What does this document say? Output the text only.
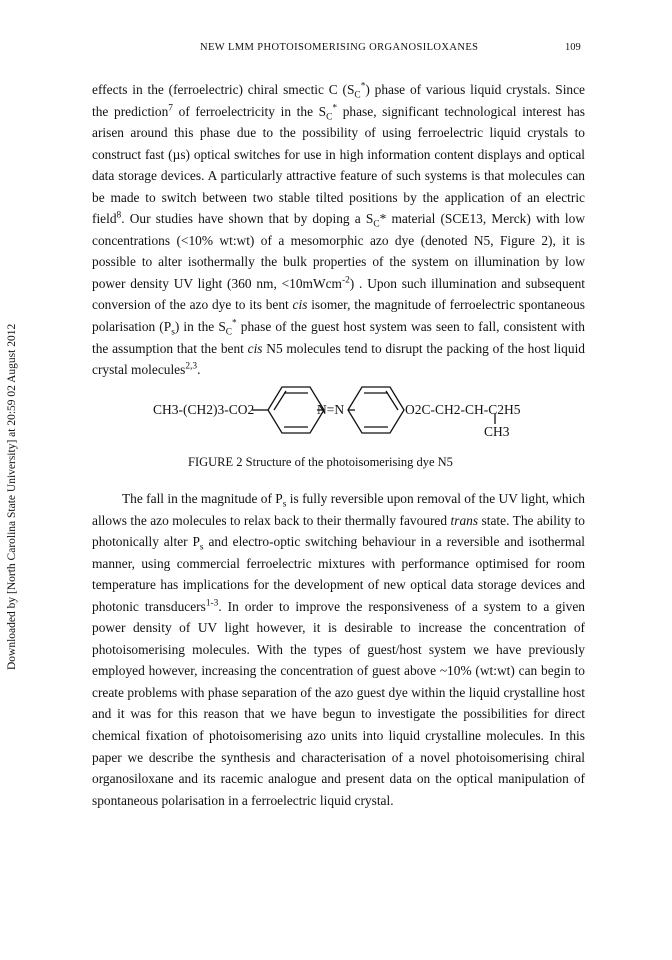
NEW LMM PHOTOISOMERISING ORGANOSILOXANES	109
Downloaded by [North Carolina State University] at 20:59 02 August 2012

effects in the (ferroelectric) chiral smectic C $(S_C^*)$ phase of various liquid crystals. Since the prediction$^7$ of ferroelectricity in the $S_C^*$ phase, significant technological interest has arisen around this phase due to the possibility of using ferroelectric liquid crystals to construct fast (µs) optical switches for use in high information content displays and optical data storage devices. A particularly attractive feature of such systems is that molecules can be made to switch between two stable tilted positions by the application of an electric field$^8$. Our studies have shown that by doping a $S_C*$ material (SCE13, Merck) with low concentrations (<10% wt:wt) of a mesomorphic azo dye (denoted N5, Figure 2), it is possible to alter isothermally the bulk properties of the system on illumination by low power density UV light (360 nm, <10mWcm$^{-2}$) . Upon such illumination and subsequent conversion of the azo dye to its bent cis isomer, the magnitude of ferroelectric spontaneous polarisation $(P_s)$ in the $S_C^*$ phase of the guest host system was seen to fall, consistent with the assumption that the bent cis N5 molecules tend to disrupt the packing of the host liquid crystal molecules$^{2,3}$.

CH3-(CH2)3-CO2	N=N	O2C-CH2-CH-C2H5
CH3
FIGURE 2 Structure of the photoisomerising dye N5

The fall in the magnitude of $P_s$ is fully reversible upon removal of the UV light, which allows the azo molecules to relax back to their thermally favoured trans state. The ability to photonically alter $P_s$ and electro-optic switching behaviour in a reversible and isothermal manner, using commercial ferroelectric mixtures with performance optimised for room temperature has implications for the development of new optical data storage devices and photonic transducers$^{1-3}$. In order to improve the responsiveness of a system to a given power density of UV light however, it is desirable to increase the concentration of photoisomerising molecules. With the types of guest/host system we have previously employed however, increasing the concentration of guest above ~10% (wt:wt) can begin to create problems with phase separation of the azo guest dye within the liquid crystalline host and it was for this reason that we have begun to investigate the possibilities for direct chemical fixation of photoisomerising azo units into liquid crystalline molecules. In this paper we describe the synthesis and characterisation of a novel photoisomerising chiral organosiloxane and its racemic analogue and present data on the optical manipulation of spontaneous polarisation in a ferroelectric liquid crystal.
